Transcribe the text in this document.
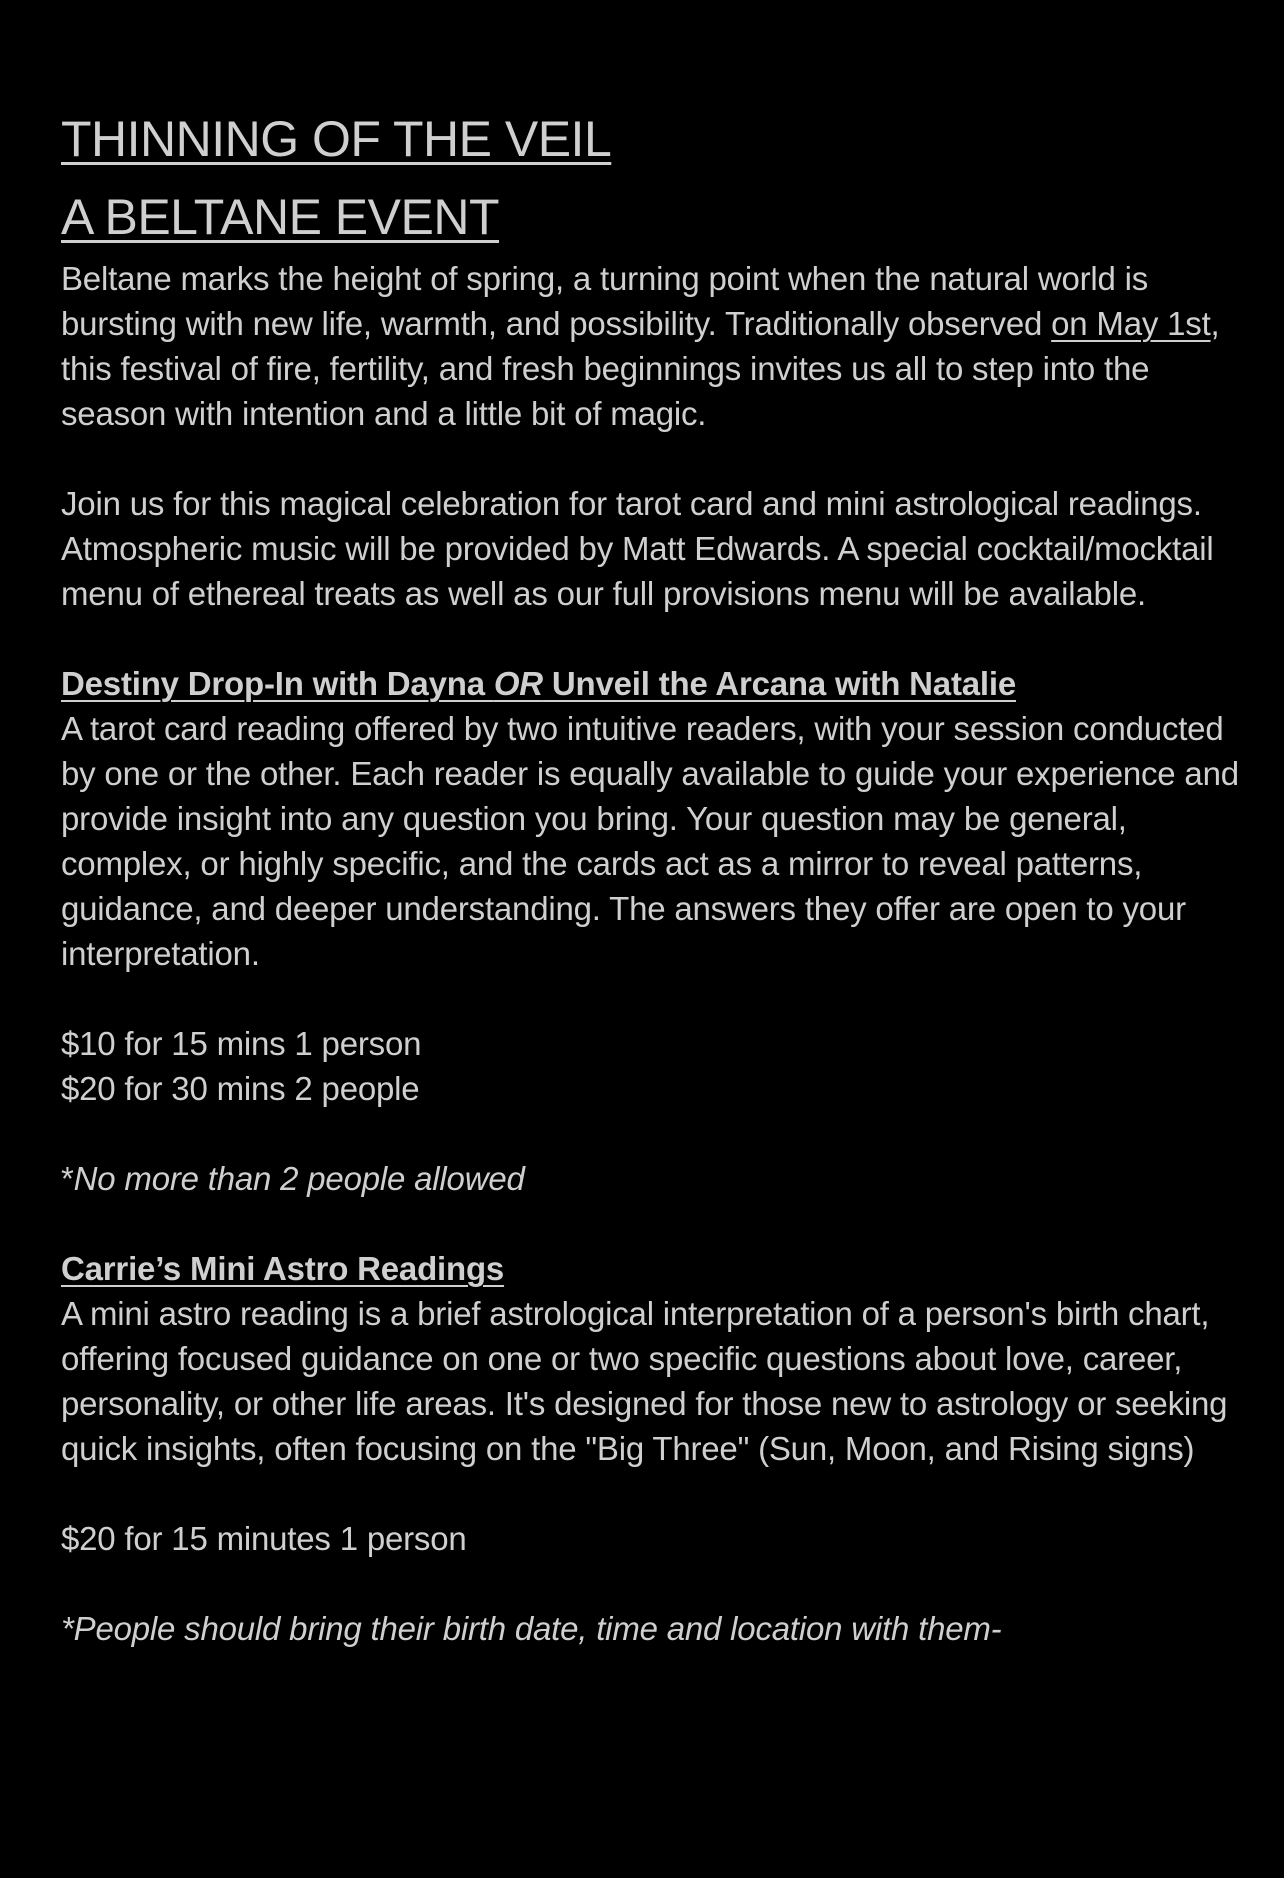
THINNING OF THE VEIL
A BELTANE EVENT

Beltane marks the height of spring, a turning point when the natural world is bursting with new life, warmth, and possibility. Traditionally observed on May 1st, this festival of fire, fertility, and fresh beginnings invites us all to step into the season with intention and a little bit of magic.

Join us for this magical celebration for tarot card and mini astrological readings. Atmospheric music will be provided by Matt Edwards. A special cocktail/mocktail menu of ethereal treats as well as our full provisions menu will be available.

Destiny Drop-In with Dayna OR Unveil the Arcana with Natalie

A tarot card reading offered by two intuitive readers, with your session conducted by one or the other. Each reader is equally available to guide your experience and provide insight into any question you bring. Your question may be general, complex, or highly specific, and the cards act as a mirror to reveal patterns, guidance, and deeper understanding. The answers they offer are open to your interpretation.

$10 for 15 mins 1 person

$20 for 30 mins 2 people

*No more than 2 people allowed

Carrie’s Mini Astro Readings

A mini astro reading is a brief astrological interpretation of a person's birth chart, offering focused guidance on one or two specific questions about love, career, personality, or other life areas. It's designed for those new to astrology or seeking quick insights, often focusing on the "Big Three" (Sun, Moon, and Rising signs)

$20 for 15 minutes 1 person

*People should bring their birth date, time and location with them-
